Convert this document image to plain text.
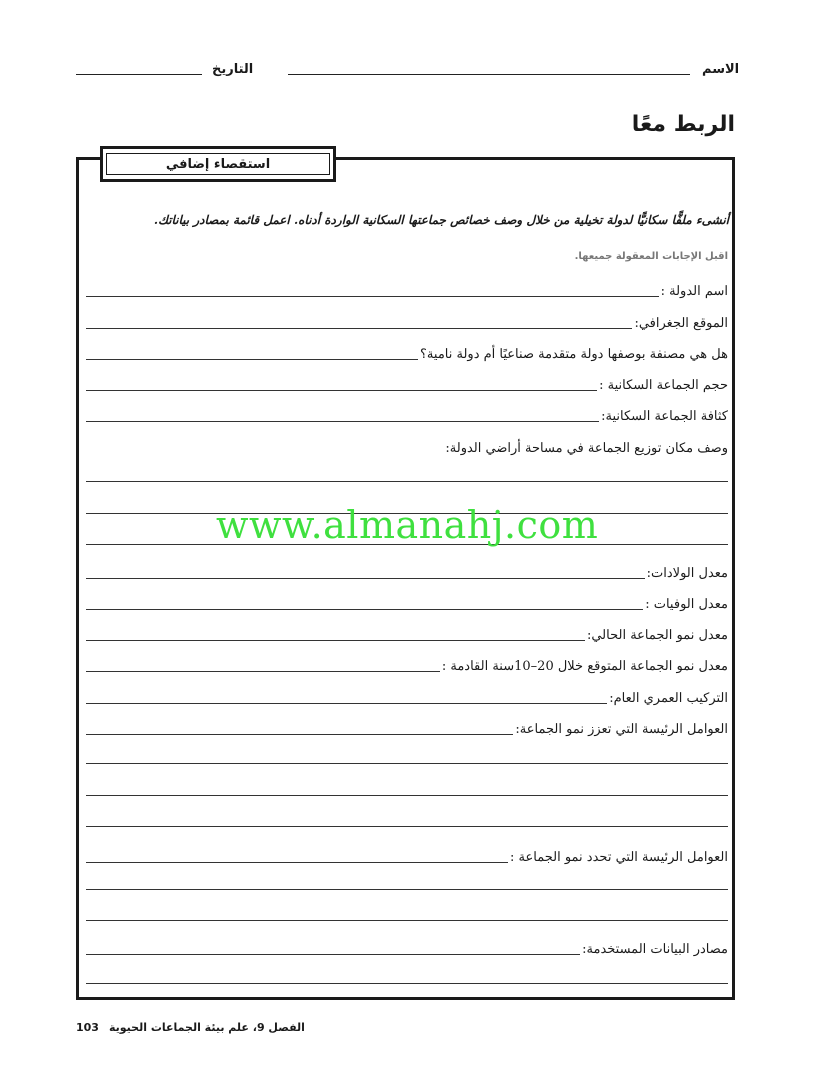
الاسم
التاريخ
الربط معًا
استقصاء إضافي
أنشىء ملفًّا سكانيًّا لدولة تخيلية من خلال وصف خصائص جماعتها السكانية الواردة أدناه. اعمل قائمة بمصادر بياناتك.
اقبل الإجابات المعقولة جميعها.
اسم الدولة :
الموقع الجغرافي:
هل هي مصنفة بوصفها دولة متقدمة صناعيًا أم دولة نامية؟
حجم الجماعة السكانية :
كثافة الجماعة السكانية:
وصف مكان توزيع الجماعة في مساحة أراضي الدولة:
معدل الولادات:
معدل الوفيات :
معدل نمو الجماعة الحالي:
معدل نمو الجماعة المتوقع خلال 20–10سنة القادمة :
التركيب العمري العام:
العوامل الرئيسة التي تعزز نمو الجماعة:
العوامل الرئيسة التي تحدد نمو الجماعة :
مصادر البيانات المستخدمة:
www.almanahj.com
الفصل 9، علم بيئة الجماعات الحيوية
103
